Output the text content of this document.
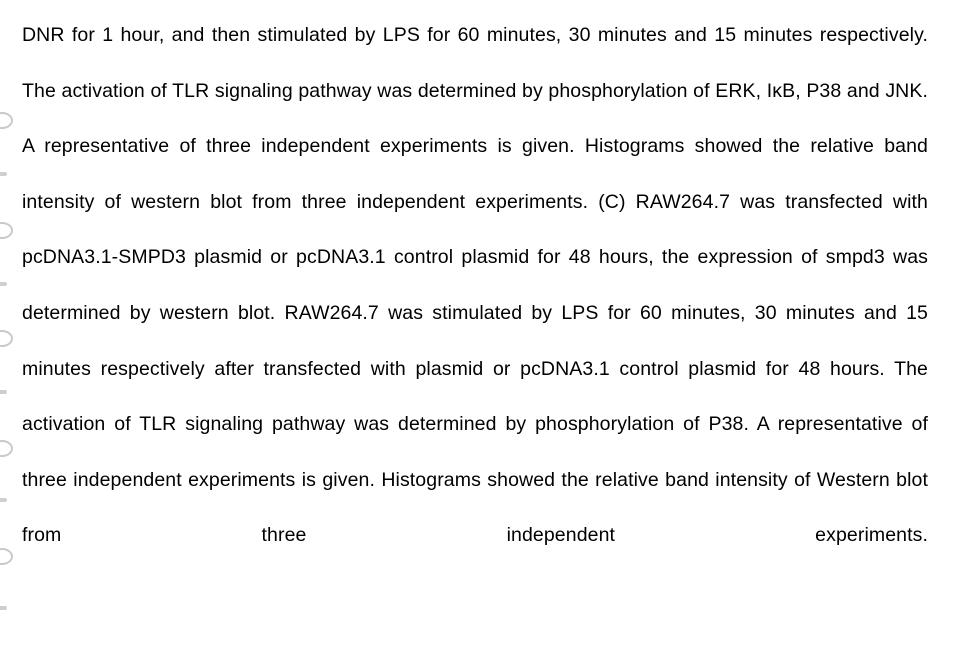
DNR for 1 hour, and then stimulated by LPS for 60 minutes, 30 minutes and 15 minutes respectively. The activation of TLR signaling pathway was determined by phosphorylation of ERK, IκB, P38 and JNK. A representative of three independent experiments is given. Histograms showed the relative band intensity of western blot from three independent experiments. (C) RAW264.7 was transfected with pcDNA3.1-SMPD3 plasmid or pcDNA3.1 control plasmid for 48 hours, the expression of smpd3 was determined by western blot. RAW264.7 was stimulated by LPS for 60 minutes, 30 minutes and 15 minutes respectively after transfected with plasmid or pcDNA3.1 control plasmid for 48 hours. The activation of TLR signaling pathway was determined by phosphorylation of P38. A representative of three independent experiments is given. Histograms showed the relative band intensity of Western blot from three independent experiments.
